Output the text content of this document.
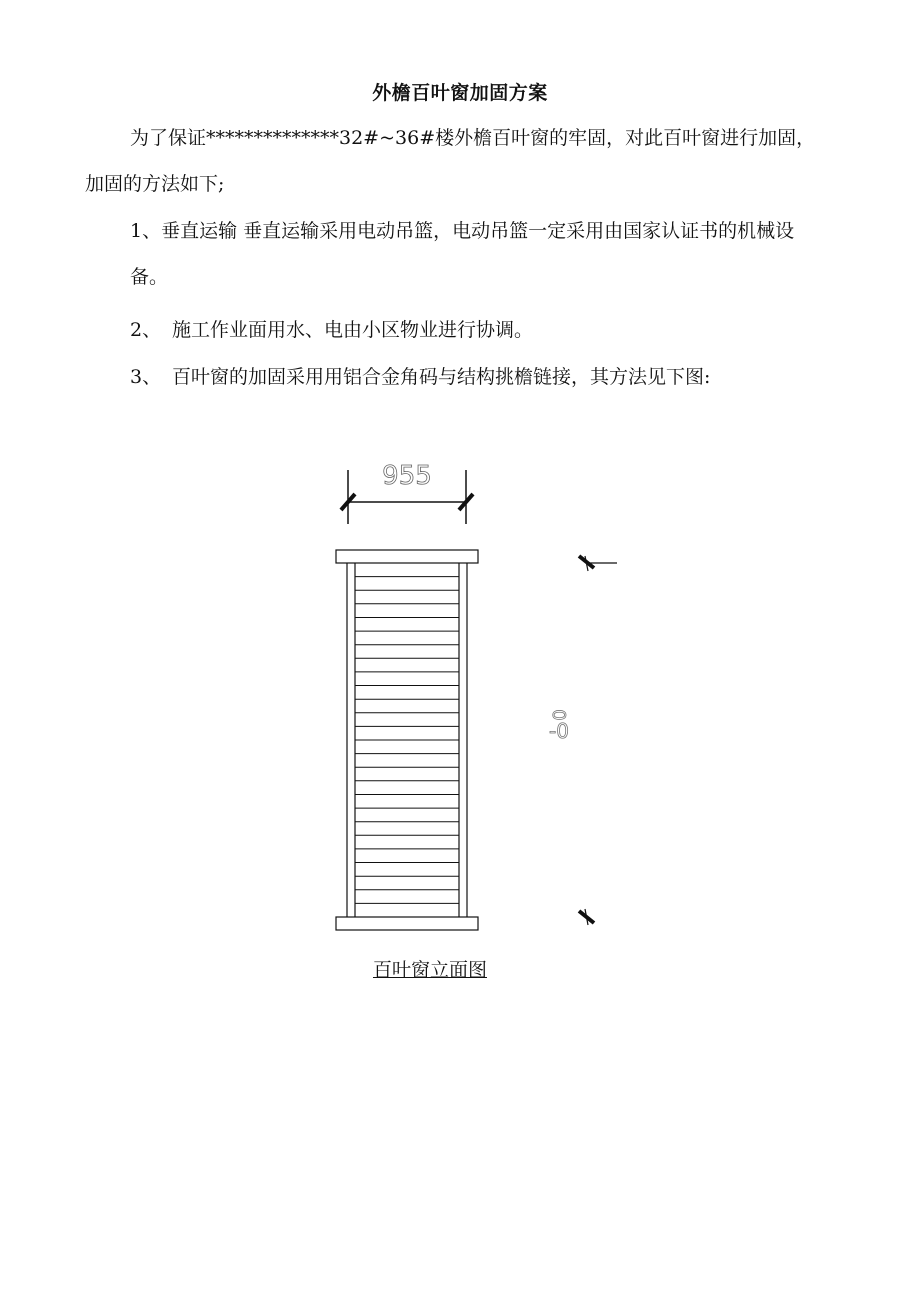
外檐百叶窗加固方案
为了保证**************32#~36#楼外檐百叶窗的牢固，对此百叶窗进行加固，加固的方法如下;
1、垂直运输 垂直运输采用电动吊篮，电动吊篮一定采用由国家认证书的机械设备。
2、 施工作业面用水、电由小区物业进行协调。
3、 百叶窗的加固采用用铝合金角码与结构挑檐链接，其方法见下图:
955
-0
0
百叶窗立面图
